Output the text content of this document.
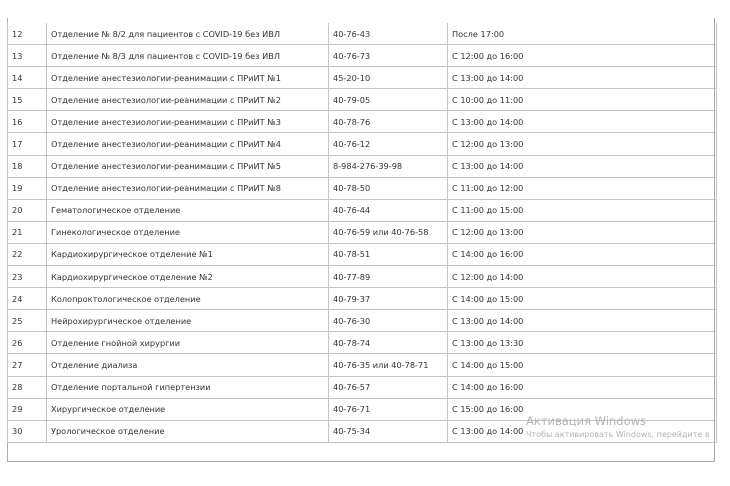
12	Отделение № 8/2 для пациентов с COVID-19 без ИВЛ	40-76-43	После 17:00
13	Отделение № 8/3 для пациентов с COVID-19 без ИВЛ	40-76-73	С 12:00 до 16:00
14	Отделение анестезиологии-реанимации с ПРиИТ №1	45-20-10	С 13:00 до 14:00
15	Отделение анестезиологии-реанимации с ПРиИТ №2	40-79-05	С 10:00 до 11:00
16	Отделение анестезиологии-реанимации с ПРиИТ №3	40-78-76	С 13:00 до 14:00
17	Отделение анестезиологии-реанимации с ПРиИТ №4	40-76-12	С 12:00 до 13:00
18	Отделение анестезиологии-реанимации с ПРиИТ №5	8-984-276-39-98	С 13:00 до 14:00
19	Отделение анестезиологии-реанимации с ПРиИТ №8	40-78-50	С 11:00 до 12:00
20	Гематологическое отделение	40-76-44	С 11:00 до 15:00
21	Гинекологическое отделение	40-76-59 или 40-76-58	С 12:00 до 13:00
22	Кардиохирургическое отделение №1	40-78-51	С 14:00 до 16:00
23	Кардиохирургическое отделение №2	40-77-89	С 12:00 до 14:00
24	Колопроктологическое отделение	40-79-37	С 14:00 до 15:00
25	Нейрохирургическое отделение	40-76-30	С 13:00 до 14:00
26	Отделение гнойной хирургии	40-78-74	С 13:00 до 13:30
27	Отделение диализа	40-76-35 или 40-78-71	С 14:00 до 15:00
28	Отделение портальной гипертензии	40-76-57	С 14:00 до 16:00
29	Хирургическое отделение	40-76-71	С 15:00 до 16:00
30	Урологическое отделение	40-75-34	С 13:00 до 14:00
Активация Windows
Чтобы активировать Windows, перейдите в
